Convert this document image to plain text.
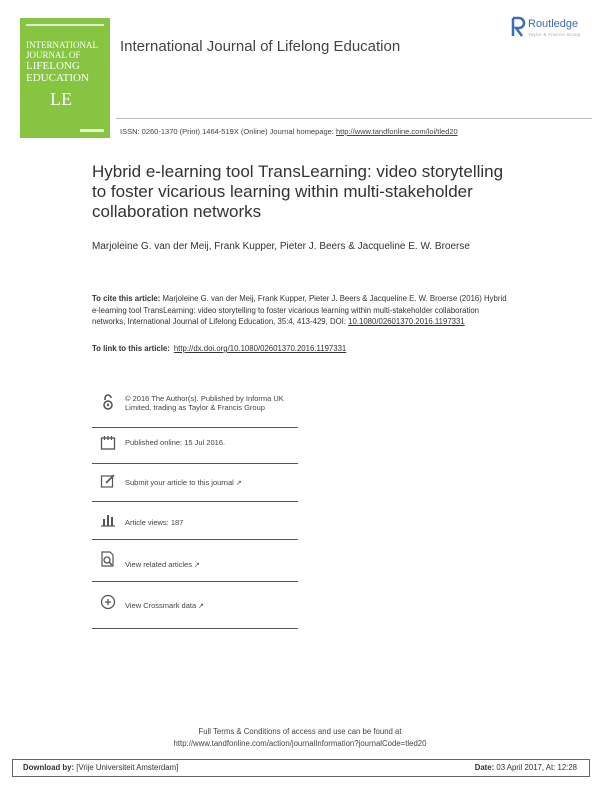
INTERNATIONAL JOURNAL OF
LIFELONG
EDUCATION
LE
International Journal of Lifelong Education
Routledge
Taylor & Francis Group
ISSN: 0260-1370 (Print) 1464-519X (Online) Journal homepage: http://www.tandfonline.com/loi/tled20
Hybrid e-learning tool TransLearning: video storytelling to foster vicarious learning within multi-stakeholder collaboration networks
Marjoleine G. van der Meij, Frank Kupper, Pieter J. Beers & Jacqueline E. W. Broerse
To cite this article: Marjoleine G. van der Meij, Frank Kupper, Pieter J. Beers & Jacqueline E. W. Broerse (2016) Hybrid e-learning tool TransLearning: video storytelling to foster vicarious learning within multi-stakeholder collaboration networks, International Journal of Lifelong Education, 35:4, 413-429, DOI: 10.1080/02601370.2016.1197331
To link to this article: http://dx.doi.org/10.1080/02601370.2016.1197331
© 2016 The Author(s). Published by Informa UK Limited, trading as Taylor & Francis Group
Published online: 15 Jul 2016.
Submit your article to this journal ↗
Article views: 187
View related articles ↗
View Crossmark data ↗
Full Terms & Conditions of access and use can be found at
http://www.tandfonline.com/action/journalInformation?journalCode=tled20
Download by: [Vrije Universiteit Amsterdam]	Date: 03 April 2017, At: 12:28
